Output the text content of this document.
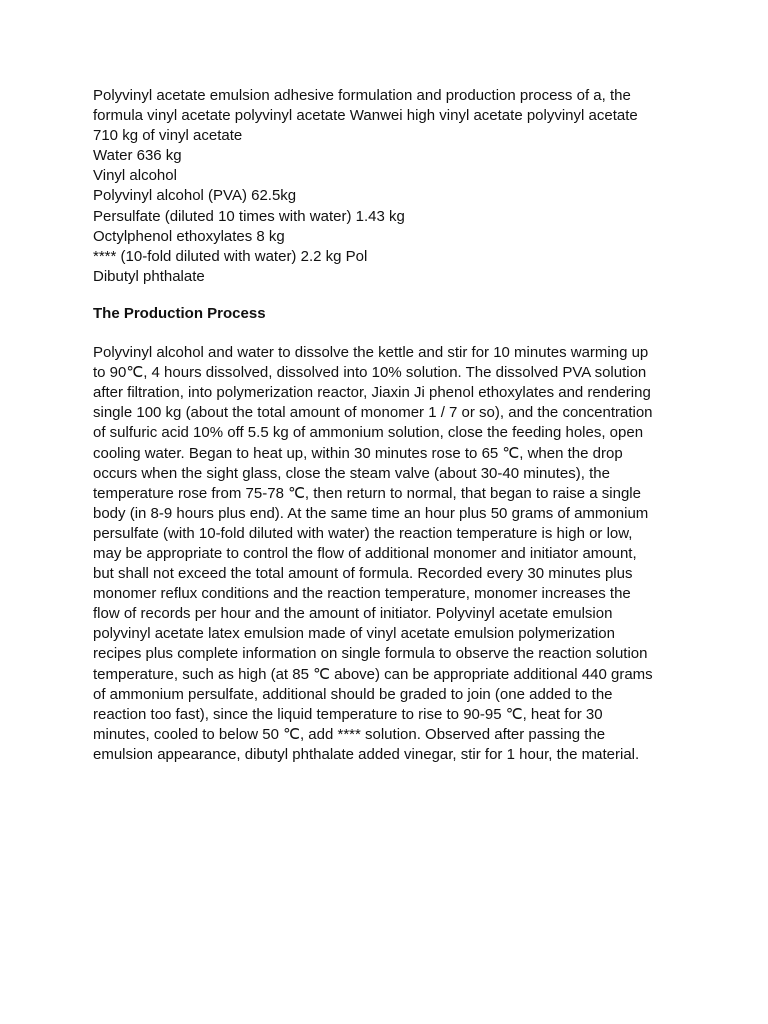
Polyvinyl acetate emulsion adhesive formulation and production process of a, the
formula vinyl acetate polyvinyl acetate Wanwei high vinyl acetate polyvinyl acetate
710 kg of vinyl acetate
Water 636 kg
Vinyl alcohol
Polyvinyl alcohol (PVA) 62.5kg
Persulfate (diluted 10 times with water) 1.43 kg
Octylphenol ethoxylates 8 kg
**** (10-fold diluted with water) 2.2 kg Pol
Dibutyl phthalate

The Production Process

Polyvinyl alcohol and water to dissolve the kettle and stir for 10 minutes warming up
to 90℃, 4 hours dissolved, dissolved into 10% solution. The dissolved PVA solution
after filtration, into polymerization reactor, Jiaxin Ji phenol ethoxylates and rendering
single 100 kg (about the total amount of monomer 1 / 7 or so), and the concentration
of sulfuric acid 10% off 5.5 kg of ammonium solution, close the feeding holes, open
cooling water. Began to heat up, within 30 minutes rose to 65 ℃, when the drop
occurs when the sight glass, close the steam valve (about 30-40 minutes), the
temperature rose from 75-78 ℃, then return to normal, that began to raise a single
body (in 8-9 hours plus end). At the same time an hour plus 50 grams of ammonium
persulfate (with 10-fold diluted with water) the reaction temperature is high or low,
may be appropriate to control the flow of additional monomer and initiator amount,
but shall not exceed the total amount of formula. Recorded every 30 minutes plus
monomer reflux conditions and the reaction temperature, monomer increases the
flow of records per hour and the amount of initiator. Polyvinyl acetate emulsion
polyvinyl acetate latex emulsion made of vinyl acetate emulsion polymerization
recipes plus complete information on single formula to observe the reaction solution
temperature, such as high (at 85 ℃ above) can be appropriate additional 440 grams
of ammonium persulfate, additional should be graded to join (one added to the
reaction too fast), since the liquid temperature to rise to 90-95 ℃, heat for 30
minutes, cooled to below 50 ℃, add **** solution. Observed after passing the
emulsion appearance, dibutyl phthalate added vinegar, stir for 1 hour, the material.
